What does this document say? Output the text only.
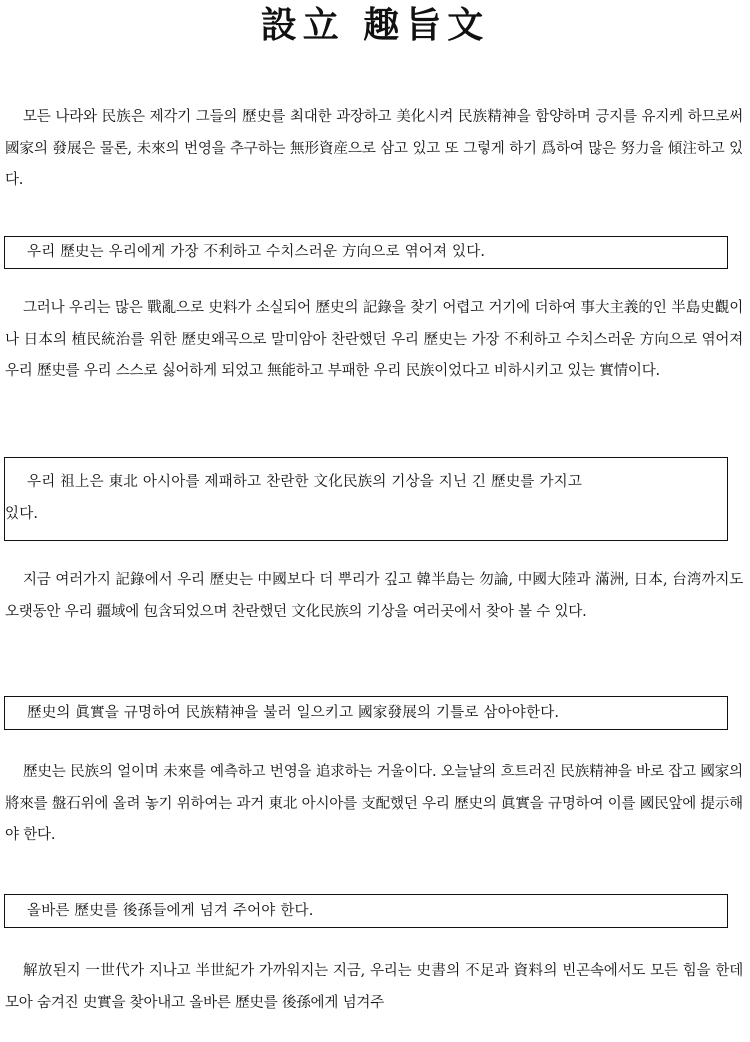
設立 趣旨文
모든 나라와 民族은 제각기 그들의 歷史를 최대한 과장하고 美化시켜 民族精神을 함양하며 긍지를 유지케 하므로써 國家의 發展은 물론, 未來의 번영을 추구하는 無形資産으로 삼고 있고 또 그렇게 하기 爲하여 많은 努力을 傾注하고 있다.
우리 歷史는 우리에게 가장 不利하고 수치스러운 方向으로 엮어져 있다.
그러나 우리는 많은 戰亂으로 史料가 소실되어 歷史의 記錄을 찾기 어렵고 거기에 더하여 事大主義的인 半島史觀이나 日本의 植民統治를 위한 歷史왜곡으로 말미암아 찬란했던 우리 歷史는 가장 不利하고 수치스러운 方向으로 엮어져 우리 歷史를 우리 스스로 싫어하게 되었고 無能하고 부패한 우리 民族이었다고 비하시키고 있는 實情이다.
우리 祖上은 東北 아시아를 제패하고 찬란한 文化民族의 기상을 지닌 긴 歷史를 가지고
있다.
지금 여러가지 記錄에서 우리 歷史는 中國보다 더 뿌리가 깊고 韓半島는 勿論, 中國大陸과 滿洲, 日本, 台湾까지도 오랫동안 우리 疆域에 包含되었으며 찬란했던 文化民族의 기상을 여러곳에서 찾아 볼 수 있다.
歷史의 眞實을 규명하여 民族精神을 불러 일으키고 國家發展의 기틀로 삼아야한다.
歷史는 民族의 얼이며 未來를 예측하고 번영을 追求하는 거울이다. 오늘날의 흐트러진 民族精神을 바로 잡고 國家의 將來를 盤石위에 올려 놓기 위하여는 과거 東北 아시아를 支配했던 우리 歷史의 眞實을 규명하여 이를 國民앞에 提示해야 한다.
올바른 歷史를 後孫들에게 넘겨 주어야 한다.
解放된지 一世代가 지나고 半世紀가 가까워지는 지금, 우리는 史書의 不足과 資料의 빈곤속에서도 모든 힘을 한데 모아 숨겨진 史實을 찾아내고 올바른 歷史를 後孫에게 넘겨주
